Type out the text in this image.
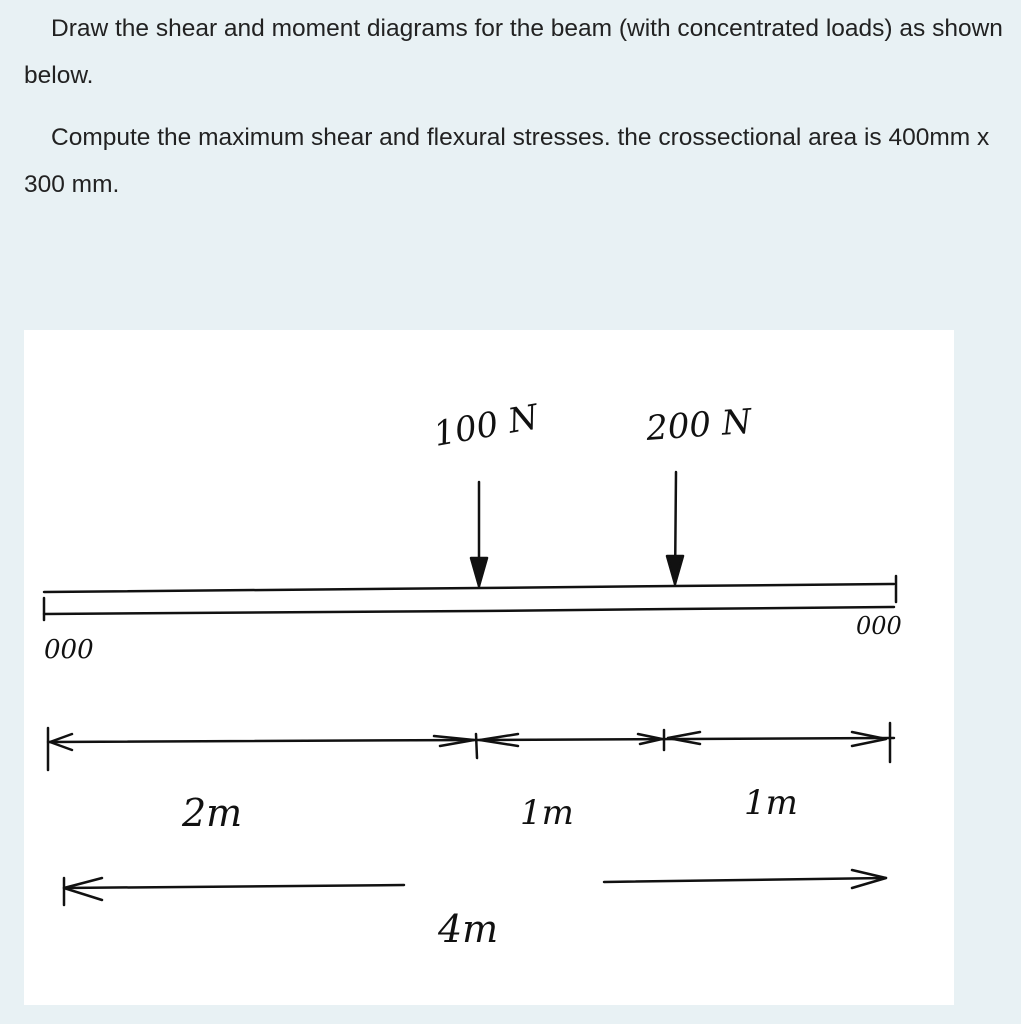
Draw the shear and moment diagrams for the beam (with concentrated loads) as shown below.

Compute the maximum shear and flexural stresses. the crossectional area is 400mm x 300 mm.

100 N	200 N
000
000
2m	1m	1m
4m
